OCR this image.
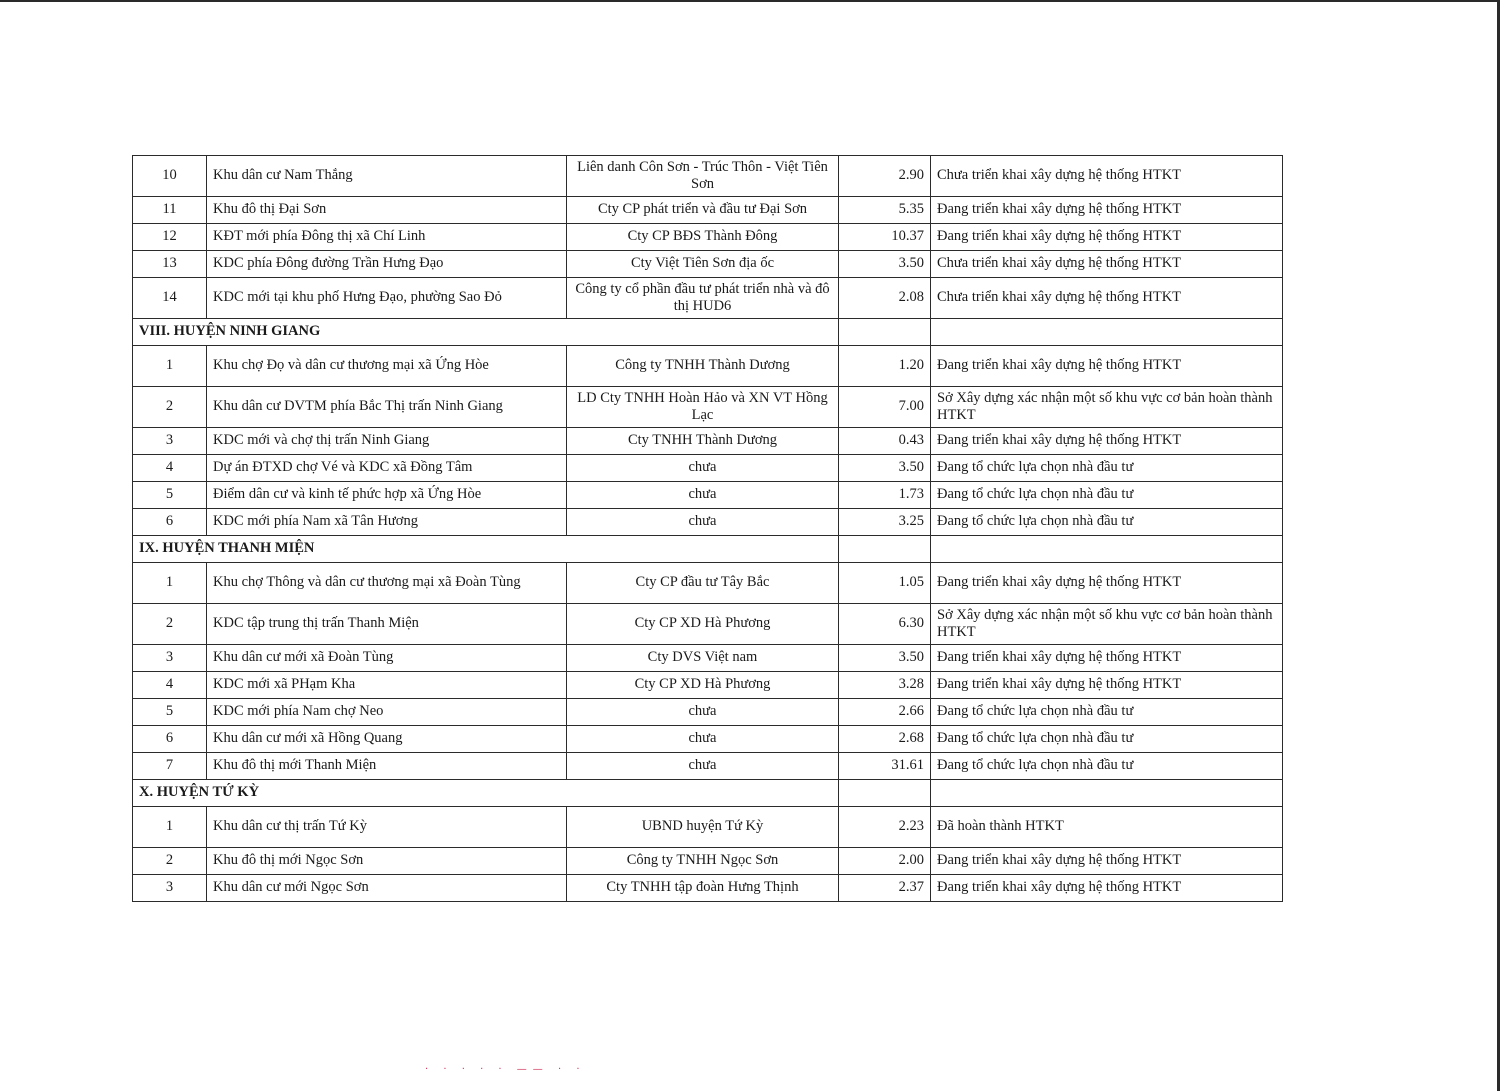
10	Khu dân cư Nam Thắng	Liên danh Côn Sơn - Trúc Thôn - Việt Tiên Sơn	2.90	Chưa triển khai xây dựng hệ thống HTKT
11	Khu đô thị Đại Sơn	Cty CP phát triển và đầu tư Đại Sơn	5.35	Đang triển khai xây dựng hệ thống HTKT
12	KĐT mới phía Đông thị xã Chí Linh	Cty CP BĐS Thành Đông	10.37	Đang triển khai xây dựng hệ thống HTKT
13	KDC phía Đông đường Trần Hưng Đạo	Cty Việt Tiên Sơn địa ốc	3.50	Chưa triển khai xây dựng hệ thống HTKT
14	KDC mới tại khu phố Hưng Đạo, phường Sao Đỏ	Công ty cổ phần đầu tư phát triển nhà và đô thị HUD6	2.08	Chưa triển khai xây dựng hệ thống HTKT
VIII. HUYỆN NINH GIANG				
1	Khu chợ Đọ và dân cư thương mại xã Ứng Hòe	Công ty TNHH Thành Dương	1.20	Đang triển khai xây dựng hệ thống HTKT
2	Khu dân cư DVTM phía Bắc Thị trấn Ninh Giang	LD Cty TNHH Hoàn Hảo và XN VT Hồng Lạc	7.00	Sở Xây dựng xác nhận một số khu vực cơ bản hoàn thành HTKT
3	KDC mới và chợ thị trấn Ninh Giang	Cty TNHH Thành Dương	0.43	Đang triển khai xây dựng hệ thống HTKT
4	Dự án ĐTXD chợ Vé và KDC xã Đồng Tâm	chưa	3.50	Đang tổ chức lựa chọn nhà đầu tư
5	Điểm dân cư và kinh tế phức hợp xã Ứng Hòe	chưa	1.73	Đang tổ chức lựa chọn nhà đầu tư
6	KDC mới phía Nam xã Tân Hương	chưa	3.25	Đang tổ chức lựa chọn nhà đầu tư
IX. HUYỆN THANH MIỆN				
1	Khu chợ Thông và dân cư thương mại xã Đoàn Tùng	Cty CP đầu tư Tây Bắc	1.05	Đang triển khai xây dựng hệ thống HTKT
2	KDC tập trung thị trấn Thanh Miện	Cty CP XD Hà Phương	6.30	Sở Xây dựng xác nhận một số khu vực cơ bản hoàn thành HTKT
3	Khu dân cư mới xã Đoàn Tùng	Cty DVS Việt nam	3.50	Đang triển khai xây dựng hệ thống HTKT
4	KDC mới xã PHạm Kha	Cty CP XD Hà Phương	3.28	Đang triển khai xây dựng hệ thống HTKT
5	KDC mới phía Nam chợ Neo	chưa	2.66	Đang tổ chức lựa chọn nhà đầu tư
6	Khu dân cư mới xã Hồng Quang	chưa	2.68	Đang tổ chức lựa chọn nhà đầu tư
7	Khu đô thị mới Thanh Miện	chưa	31.61	Đang tổ chức lựa chọn nhà đầu tư
X. HUYỆN TỨ KỲ				
1	Khu dân cư thị trấn Tứ Kỳ	UBND huyện Tứ Kỳ	2.23	Đã hoàn thành HTKT
2	Khu đô thị mới Ngọc Sơn	Công ty TNHH Ngọc Sơn	2.00	Đang triển khai xây dựng hệ thống HTKT
3	Khu dân cư mới Ngọc Sơn	Cty TNHH tập đoàn Hưng Thịnh	2.37	Đang triển khai xây dựng hệ thống HTKT
· · · · · —— · ·
